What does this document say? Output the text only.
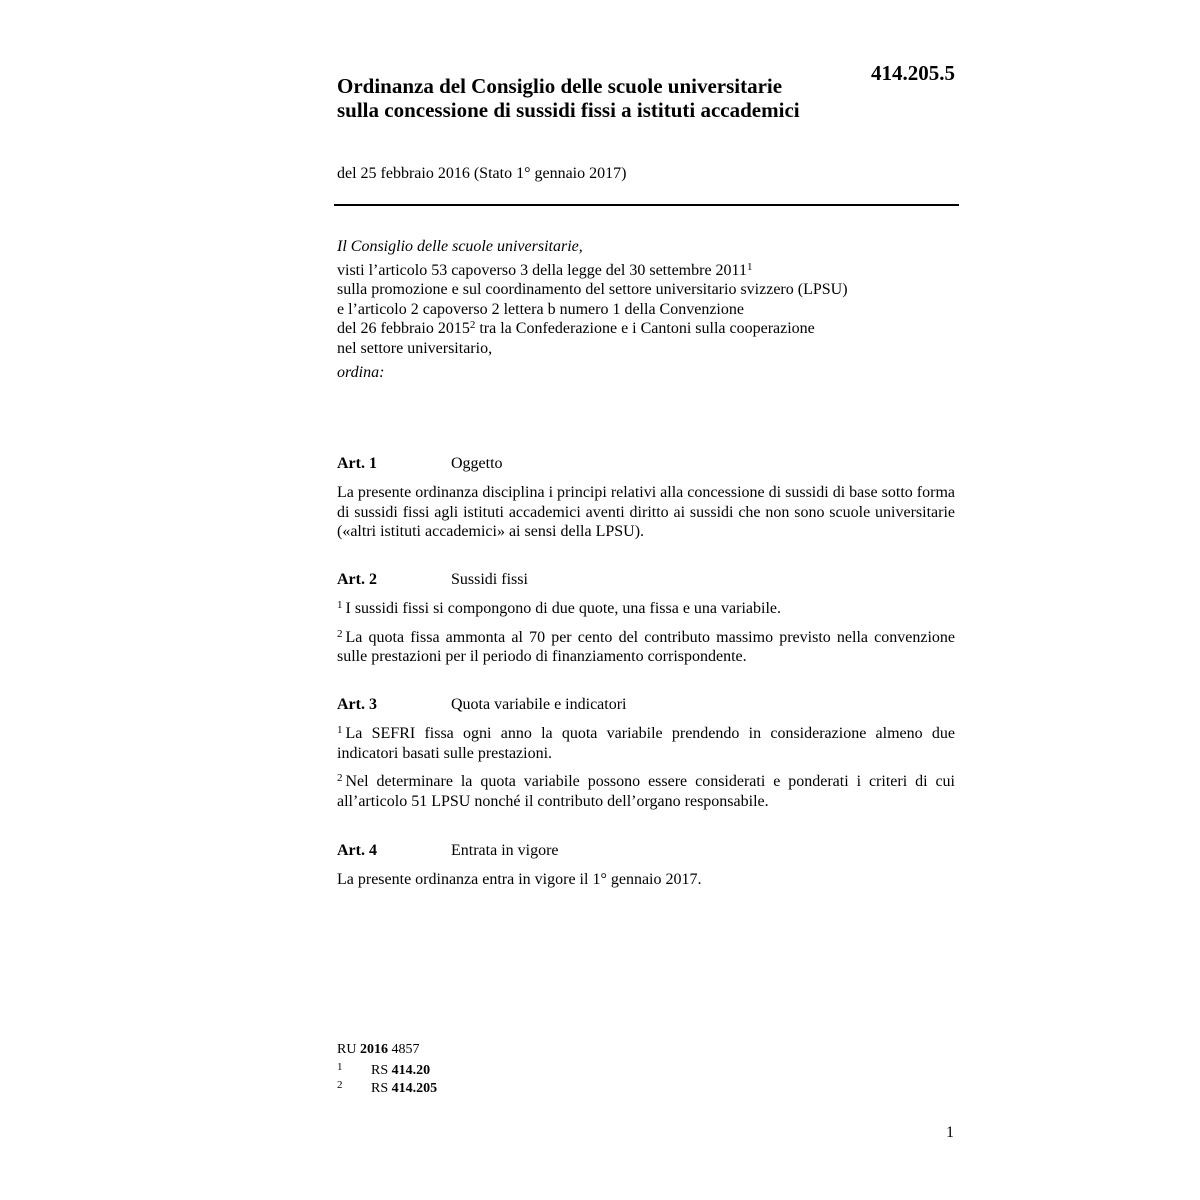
414.205.5
Ordinanza del Consiglio delle scuole universitarie
sulla concessione di sussidi fissi a istituti accademici
del 25 febbraio 2016 (Stato 1° gennaio 2017)
Il Consiglio delle scuole universitarie,
visti l’articolo 53 capoverso 3 della legge del 30 settembre 2011$^1$
sulla promozione e sul coordinamento del settore universitario svizzero (LPSU)
e l’articolo 2 capoverso 2 lettera b numero 1 della Convenzione
del 26 febbraio 2015$^2$ tra la Confederazione e i Cantoni sulla cooperazione
nel settore universitario,
ordina:
Art. 1	Oggetto

La presente ordinanza disciplina i principi relativi alla concessione di sussidi di base sotto forma di sussidi fissi agli istituti accademici aventi diritto ai sussidi che non sono scuole universitarie («altri istituti accademici» ai sensi della LPSU).

Art. 2	Sussidi fissi

$^1$ I sussidi fissi si compongono di due quote, una fissa e una variabile.

$^2$ La quota fissa ammonta al 70 per cento del contributo massimo previsto nella convenzione sulle prestazioni per il periodo di finanziamento corrispondente.

Art. 3	Quota variabile e indicatori

$^1$ La SEFRI fissa ogni anno la quota variabile prendendo in considerazione almeno due indicatori basati sulle prestazioni.

$^2$ Nel determinare la quota variabile possono essere considerati e ponderati i criteri di cui all’articolo 51 LPSU nonché il contributo dell’organo responsabile.

Art. 4	Entrata in vigore

La presente ordinanza entra in vigore il 1° gennaio 2017.

RU 2016 4857
1 RS 414.20
2 RS 414.205
1
